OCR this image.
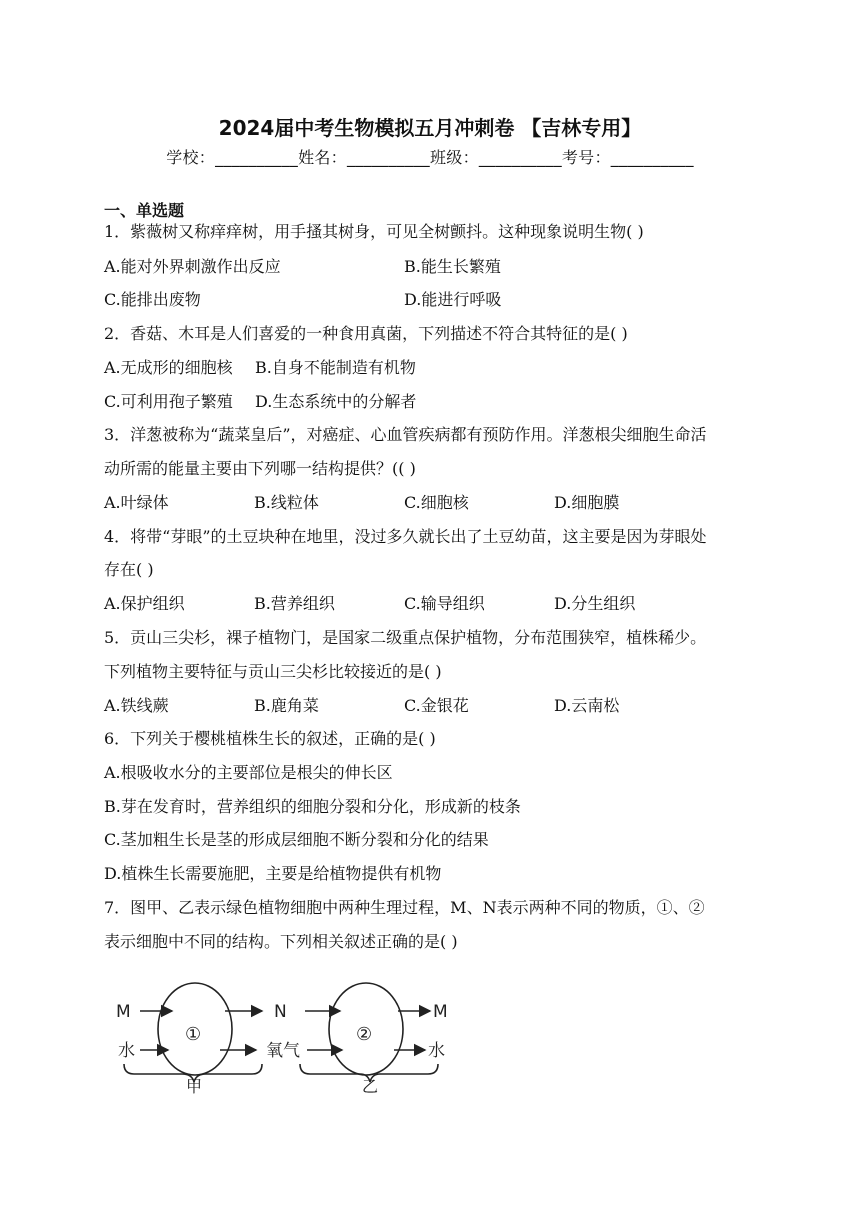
2024届中考生物模拟五月冲刺卷 【吉林专用】
学校：__________姓名：__________班级：__________考号：__________
一、单选题
1．紫薇树又称痒痒树，用手搔其树身，可见全树颤抖。这种现象说明生物( )
A.能对外界刺激作出反应	B.能生长繁殖
C.能排出废物	D.能进行呼吸
2．香菇、木耳是人们喜爱的一种食用真菌，下列描述不符合其特征的是( )
A.无成形的细胞核 B.自身不能制造有机物
C.可利用孢子繁殖 D.生态系统中的分解者
3．洋葱被称为“蔬菜皇后”，对癌症、心血管疾病都有预防作用。洋葱根尖细胞生命活
动所需的能量主要由下列哪一结构提供？(( )
A.叶绿体	B.线粒体	C.细胞核	D.细胞膜
4．将带“芽眼”的土豆块种在地里，没过多久就长出了土豆幼苗，这主要是因为芽眼处
存在( )
A.保护组织	B.营养组织	C.输导组织	D.分生组织
5．贡山三尖杉，裸子植物门，是国家二级重点保护植物，分布范围狭窄，植株稀少。
下列植物主要特征与贡山三尖杉比较接近的是( )
A.铁线蕨	B.鹿角菜	C.金银花	D.云南松
6．下列关于樱桃植株生长的叙述，正确的是( )
A.根吸收水分的主要部位是根尖的伸长区
B.芽在发育时，营养组织的细胞分裂和分化，形成新的枝条
C.茎加粗生长是茎的形成层细胞不断分裂和分化的结果
D.植株生长需要施肥，主要是给植物提供有机物
7．图甲、乙表示绿色植物细胞中两种生理过程，M、N表示两种不同的物质，①、②
表示细胞中不同的结构。下列相关叙述正确的是( )
M
水
①
N
氧气
②
M
水
甲	乙
